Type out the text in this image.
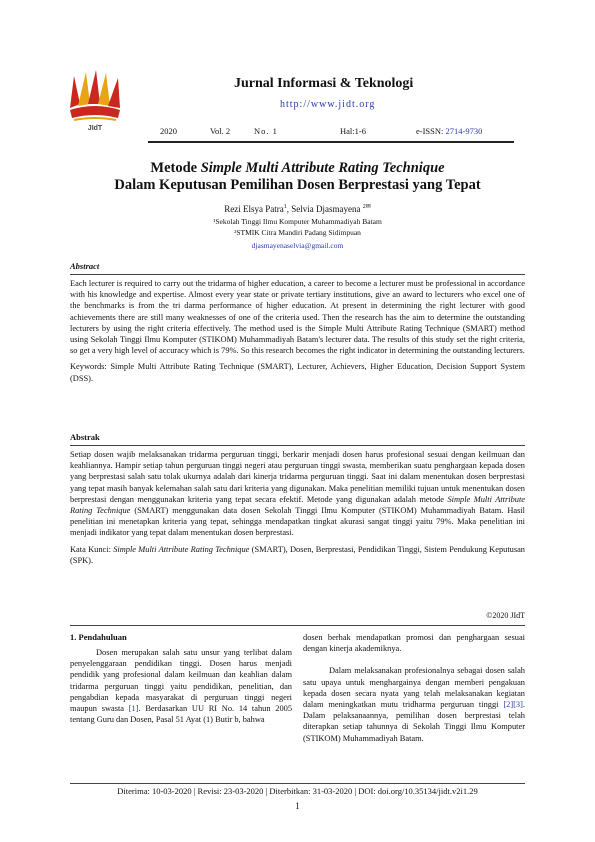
JIdT
Jurnal Informasi & Teknologi
http://www.jidt.org
2020	Vol. 2	No. 1	Hal:1-6	e-ISSN: 2714-9730
Metode Simple Multi Attribute Rating Technique
Dalam Keputusan Pemilihan Dosen Berprestasi yang Tepat
Rezi Elsya Patra$^1$, Selvia Djasmayena $^{2✉}$
¹Sekolah Tinggi Ilmu Komputer Muhammadiyah Batam
²STMIK Citra Mandiri Padang Sidimpuan
djasmayenaselvia@gmail.com
Abstract

Each lecturer is required to carry out the tridarma of higher education, a career to become a lecturer must be professional in accordance with his knowledge and expertise. Almost every year state or private tertiary institutions, give an award to lecturers who excel one of the benchmarks is from the tri darma performance of higher education. At present in determining the right lecturer with good achievements there are still many weaknesses of one of the criteria used. Then the research has the aim to determine the outstanding lecturers by using the right criteria effectively. The method used is the Simple Multi Attribute Rating Technique (SMART) method using Sekolah Tinggi Ilmu Komputer (STIKOM) Muhammadiyah Batam's lecturer data. The results of this study set the right criteria, so get a very high level of accuracy which is 79%. So this research becomes the right indicator in determining the outstanding lecturers.

Keywords: Simple Multi Attribute Rating Technique (SMART), Lecturer, Achievers, Higher Education, Decision Support System (DSS).

Abstrak

Setiap dosen wajib melaksanakan tridarma perguruan tinggi, berkarir menjadi dosen harus profesional sesuai dengan keilmuan dan keahliannya. Hampir setiap tahun perguruan tinggi negeri atau perguruan tinggi swasta, memberikan suatu penghargaan kepada dosen yang berprestasi salah satu tolak ukurnya adalah dari kinerja tridarma perguruan tinggi. Saat ini dalam menentukan dosen berprestasi yang tepat masih banyak kelemahan salah satu dari kriteria yang digunakan. Maka penelitian memiliki tujuan untuk menentukan dosen berprestasi dengan menggunakan kriteria yang tepat secara efektif. Metode yang digunakan adalah metode Simple Multi Attribute Rating Technique (SMART) menggunakan data dosen Sekolah Tinggi Ilmu Komputer (STIKOM) Muhammadiyah Batam. Hasil penelitian ini menetapkan kriteria yang tepat, sehingga mendapatkan tingkat akurasi sangat tinggi yaitu 79%. Maka penelitian ini menjadi indikator yang tepat dalam menentukan dosen berprestasi.

Kata Kunci: Simple Multi Attribute Rating Technique (SMART), Dosen, Berprestasi, Pendidikan Tinggi, Sistem Pendukung Keputusan (SPK).

©2020 JIdT
1. Pendahuluan

Dosen merupakan salah satu unsur yang terlibat dalam penyelenggaraan pendidikan tinggi. Dosen harus menjadi pendidik yang profesional dalam keilmuan dan keahlian dalam tridarma perguruan tinggi yaitu pendidikan, penelitian, dan pengabdian kepada masyarakat di perguruan tinggi negeri maupun swasta [1]. Berdasarkan UU RI No. 14 tahun 2005 tentang Guru dan Dosen, Pasal 51 Ayat (1) Butir b, bahwa

dosen berhak mendapatkan promosi dan penghargaan sesuai dengan kinerja akademiknya.

Dalam melaksanakan profesionalnya sebagai dosen salah satu upaya untuk menghargainya dengan memberi pengakuan kepada dosen secara nyata yang telah melaksanakan kegiatan dalam meningkatkan mutu tridharma perguruan tinggi [2][3]. Dalam pelaksanaannya, pemilihan dosen berprestasi telah diterapkan setiap tahunnya di Sekolah Tinggi Ilmu Komputer (STIKOM) Muhammadiyah Batam.

Diterima: 10-03-2020 | Revisi: 23-03-2020 | Diterbitkan: 31-03-2020 | DOI: doi.org/10.35134/jidt.v2i1.29
1
